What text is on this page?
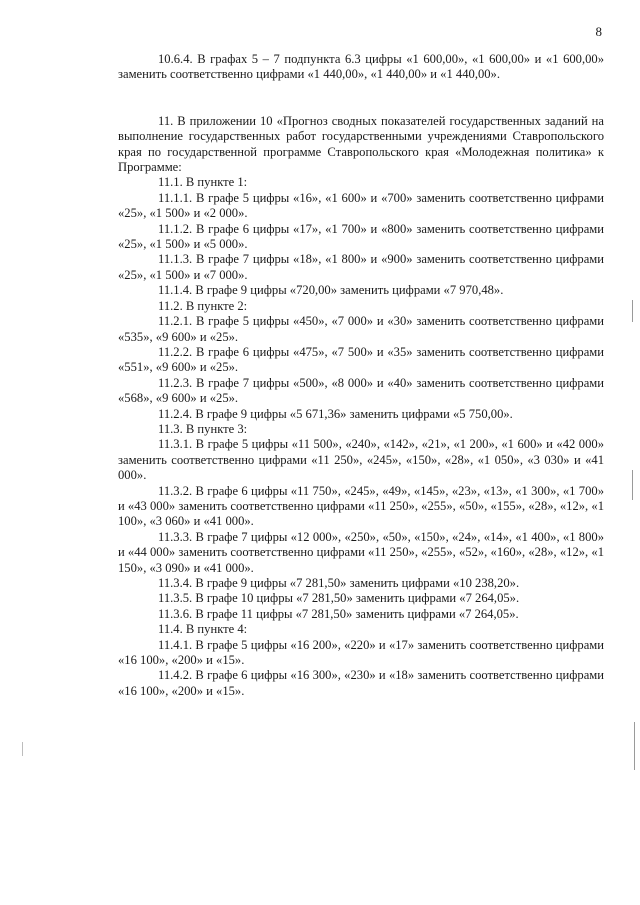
8

10.6.4. В графах 5 – 7 подпункта 6.3 цифры «1 600,00», «1 600,00» и «1 600,00» заменить соответственно цифрами «1 440,00», «1 440,00» и «1 440,00».

11. В приложении 10 «Прогноз сводных показателей государственных заданий на выполнение государственных работ государственными учреждениями Ставропольского края по государственной программе Ставропольского края «Молодежная политика» к Программе:

11.1. В пункте 1:

11.1.1. В графе 5 цифры «16», «1 600» и «700» заменить соответственно цифрами «25», «1 500» и «2 000».

11.1.2. В графе 6 цифры «17», «1 700» и «800» заменить соответственно цифрами «25», «1 500» и «5 000».

11.1.3. В графе 7 цифры «18», «1 800» и «900» заменить соответственно цифрами «25», «1 500» и «7 000».

11.1.4. В графе 9 цифры «720,00» заменить цифрами «7 970,48».

11.2. В пункте 2:

11.2.1. В графе 5 цифры «450», «7 000» и «30» заменить соответственно цифрами «535», «9 600» и «25».

11.2.2. В графе 6 цифры «475», «7 500» и «35» заменить соответственно цифрами «551», «9 600» и «25».

11.2.3. В графе 7 цифры «500», «8 000» и «40» заменить соответственно цифрами «568», «9 600» и «25».

11.2.4. В графе 9 цифры «5 671,36» заменить цифрами «5 750,00».

11.3. В пункте 3:

11.3.1. В графе 5 цифры «11 500», «240», «142», «21», «1 200», «1 600» и «42 000» заменить соответственно цифрами «11 250», «245», «150», «28», «1 050», «3 030» и «41 000».

11.3.2. В графе 6 цифры «11 750», «245», «49», «145», «23», «13», «1 300», «1 700» и «43 000» заменить соответственно цифрами «11 250», «255», «50», «155», «28», «12», «1 100», «3 060» и «41 000».

11.3.3. В графе 7 цифры «12 000», «250», «50», «150», «24», «14», «1 400», «1 800» и «44 000» заменить соответственно цифрами «11 250», «255», «52», «160», «28», «12», «1 150», «3 090» и «41 000».

11.3.4. В графе 9 цифры «7 281,50» заменить цифрами «10 238,20».

11.3.5. В графе 10 цифры «7 281,50» заменить цифрами «7 264,05».

11.3.6. В графе 11 цифры «7 281,50» заменить цифрами «7 264,05».

11.4. В пункте 4:

11.4.1. В графе 5 цифры «16 200», «220» и «17» заменить соответственно цифрами «16 100», «200» и «15».

11.4.2. В графе 6 цифры «16 300», «230» и «18» заменить соответственно цифрами «16 100», «200» и «15».
